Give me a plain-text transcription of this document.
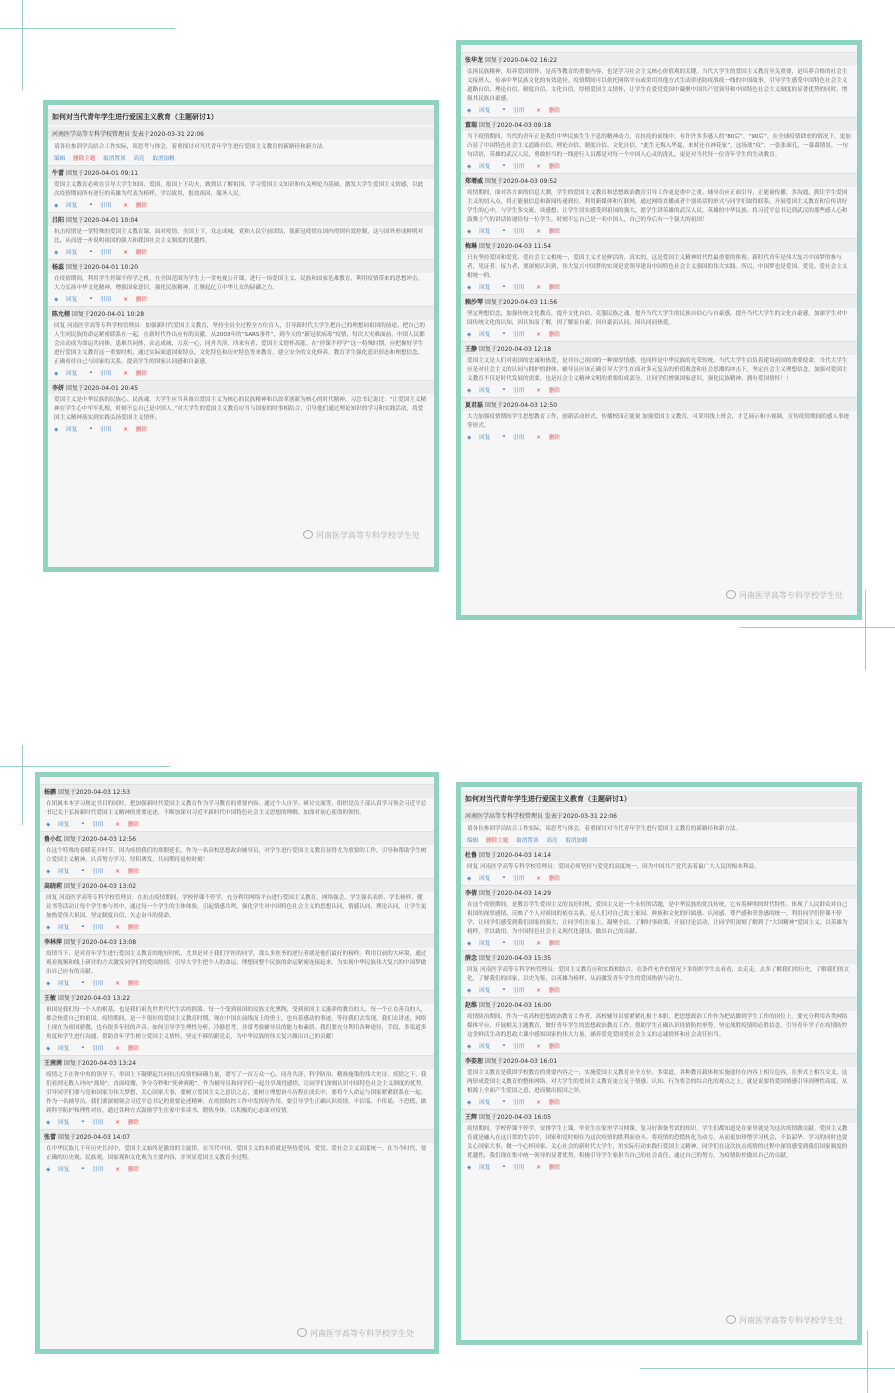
如何对当代青年学生进行爱国主义教育（主题研讨1）
河南医学高等专科学校管理员 发表于2020-03-31 22:06
请各位参训学员结合工作实际，谈思考与体会，着重探讨对当代青年学生进行爱国主义教育的新路径和新方法。
编辑 删除主题 取消置顶 高亮 取消加粗
牛蕾 回复于2020-04-01 09:11
爱国主义教育必须在引导大学生知国、爱国、报国上下功夫，做到以了解祖国、学习爱国主义知识和有关理论为基础，激发大学生爱国主义情感，以此次疫情期间所有逆行的英雄为代表为榜样，学以致用，报效祖国，服务人民。
◈ 回复 ❝ 引用 ✕ 删除
吕阳 回复于2020-04-01 10:04
抗击疫情是一堂特殊的爱国主义教育课，面对疫情，全国上下，众志成城，党和人民空前团结，使新冠疫情在国内得到有效控制，这与国外形成鲜明对比，从而进一步说明祖国的强大和我国社会主义制度的优越性。
◈ 回复 ❝ 引用 ✕ 删除
杨蕊 回复于2020-04-01 10:20
在疫情期间，利用学生停课不停学之机，在全国范围为学生上一堂电视公开课，进行一场爱国主义、民族和国家危难教育，利用疫情带来的思想冲击，大力弘扬中华文化精神，增强国家意识，强化民族精神，汇聚起亿万中华儿女的磅礴之力。
◈ 回复 ❝ 引用 ✕ 删除
陈允榕 回复于2020-04-01 10:28
回复 河南医学高等专科学校管理员：加强新时代爱国主义教育，坚持全员全过程全方位育人，引导新时代大学生把自己的理想同祖国的前途、把自己的人生同民族的命运紧密联系在一起，在新时代作出应有的贡献。从2003年的“SARS事件”，到今天的“新冠状病毒”疫情，每次大灾难面前，中国人民都会自动成为命运共同体，患难共同体，众志成城，万众一心，同舟共济，四来有者，爱国主义情怀高涨。在“停课不停学”这一特殊时期，应把握好学生进行爱国主义教育这一重要时机，通过实际面道国家特点、文化特色和历史特色等来教育，建立安全的文化修养，教育学生强化意识形态和理想信念，正确看待自己与国家的关系，提高学生的国家认同感和自豪感。
◈ 回复 ❝ 引用 ✕ 删除
李妍 回复于2020-04-01 20:45
爱国主义是中华民族的民族心、民族魂，大学生应当具备以爱国主义为核心的民族精神和以改革创新为核心的时代精神。习总书记说过：“让爱国主义精神在学生心中牢牢扎根，时刻不忘自己是中国人。”对大学生的爱国主义教育应当与国家的时事相结合，引导他们通过理论知识的学习和实践活动，将爱国主义精神落实到实践弘扬爱国主义情怀。
◈ 回复 ❝ 引用 ✕ 删除
河南医学高等专科学校学生处
张华龙 回复于2020-04-02 16:22
弘扬民族精神，培养爱国情怀，是高等教育的重要内容，也是学习社会主义核心价值观的关键。当代大学生的爱国主义教育至关重要，是培养合格的社会主义接班人、传承中华民族文化的有效途径。疫情期间可以依托网络平台或采用其他方式生动讲述防疫战疫一线的中国故事，引导学生感受中国特色社会主义道路自信、理论自信、制度自信、文化自信，厚植爱国主义情怀，让学生在爱党爱国中凝聚中国共产党领导和中国特色社会主义制度的显著优势的同时，增强其民族自豪感。
◈ 回复 ❝ 引用 ✕ 删除
董瑞 回复于2020-04-03 09:18
当下疫情期间，当代的青年正是我们中华民族生生不息的精神动力，在抗疫的前线中，有许许多多感人的“80后”、“90后”。在全球疫情肆虐的情况下，更加凸显了中国特色社会主义道路自信、理论自信、制度自信、文化自信，“此生无悔入华夏，来时还在神花家”。这场战“疫”，一张张面孔，一幕幕情景，一句句话语，英雄的武汉人民，勇敢担当的一线逆行人员都是对每一个中国人心灵的洗礼，更是对当代每一位青年学生的生动教育。
◈ 回复 ❝ 引用 ✕ 删除
郑增威 回复于2020-04-03 09:52
疫情期间，面对各方面的信息大潮，学生的爱国主义教育和思想政治教育引导工作更是重中之重。辅导员应正面引导，正能量传播，多沟通，抓住学生爱国主义的切入点，将正能量信息和新闻传递到位，利用新媒体和互联网，通过网络直播或者个别谈话的形式与同学们取得联系，开展爱国主义教育和宣传讲好学生的心中，与学生多交流，谈感想，让学生切实感受到祖国的强大，愿学生讲英雄的武汉人民，英雄的中华民族。将习近平总书记到武汉的那些感人心和鼓舞士气的讲话传递给每一位学生。时刻不忘自己是一名中国人，自己的身后有一个强大的祖国！
◈ 回复 ❝ 引用 ✕ 删除
梅琳 回复于2020-04-03 11:54
只有坚持爱国和爱党、爱社会主义相统一，爱国主义才是鲜活的、真实的，这是爱国主义精神时代性最重要的体现。新时代青年是伟大复兴中国梦的参与者、见证者、接力者，要深刻认识到，伟大复兴中国梦的实现是党领导建设中国特色社会主义强国的伟大实践。所以，中国梦也是爱国、爱党、爱社会主义相统一的。
◈ 回复 ❝ 引用 ✕ 删除
赖沙琴 回复于2020-04-03 11:56
坚定理想信念，加强传统文化教育，提升文化自信，克服民族之魂。提升当代大学生的民族自信心与自豪感，提升当代大学生的文化自豪感，加深学生对中国传统文化的认知，因认知而了解，因了解而自豪，因自豪而认同，因认同而热爱。
◈ 回复 ❝ 引用 ✕ 删除
王静 回复于2020-04-03 12:18
爱国主义是人们对祖国的忠诚和热爱，是对自己祖国的一种深厚情感，也同样是中华民族的光荣传统，当代大学生肩负着建设祖国的重要使命，当代大学生应是对社会主义的认同与拥护的群体，辅导员应该正确引导大学生在面对多元复杂的价值观念和社会思潮的冲击下，坚定社会主义理想信念，加强对爱国主义教育不仅是时代发展的需要，也是社会主义精神文明的重要组成部分。让同学们增强国家意识，强化民族精神，拥有爱国情怀！！
◈ 回复 ❝ 引用 ✕ 删除
夏君磊 回复于2020-04-03 12:50
大力加强疫情期间学生思想教育工作，创新活动形式，传播校园正能量 加强爱国主义教育，可采用线上班会，才艺展示和小视频，宣传疫情期间的感人事迹等形式。
◈ 回复 ❝ 引用 ✕ 删除
河南医学高等专科学校学生处
杨鹏 回复于2020-04-03 12:53
在团属本本学习规定书目的同时，把加强新时代爱国主义教育作为学习教育的重要内容。通过个人自学、研讨交流等，组织党员干部认真学习领会习近平总书记关于弘扬新时代爱国主义精神的重要论述，不断加深对习近平新时代中国特色社会主义思想的理解，加深对初心使命的领悟。
◈ 回复 ❝ 引用 ✕ 删除
鲁小红 回复于2020-04-03 12:56
在这个特殊的春暖花开时节，因为疫情我们的寒假延长，作为一名高校思想政治辅导员，对学生进行爱国主义教育显得尤为重要的工作，引导和帮助学生树立爱国主义精神，认真努力学习，厚积薄发，共同期待返校时刻！
◈ 回复 ❝ 引用 ✕ 删除
高晓莉 回复于2020-04-03 13:02
回复 河南医学高等专科学校管理员：在抗击疫情期间，学校停课不停学，充分利用网络平台进行爱国主义教育，网络强会、学生强名表彰、学长榜样、健议书等活动让每个学生参与其中，通过每一个学生的主体体验，引起情感共鸣，强化学生对中国特色社会主义的思想认同，情感认同、理论认同，让学生更加热爱伟大祖国，坚定制度自信，矢志奋斗的使命。
◈ 回复 ❝ 引用 ✕ 删除
李林萍 回复于2020-04-03 13:08
疫情当下，是对青年学生进行爱国主义教育的绝好时机。尤其是对于我们学医的同学，那么多医务的逆行者就是他们最好的榜样。利用目前的大环境，通过观看视频和线上研讨的方式激发同学们的爱国热情，引导大学生把个人的命运、理想同整个民族的命运紧密连接起来，为实现中华民族伟大复兴的中国梦做出自己应有的贡献。
◈ 回复 ❝ 引用 ✕ 删除
王敏 回复于2020-04-03 13:22
祖国是我们每一个人的根基，也是我们祖先世世代代生活的摇篮。每一个受到祖国的民族文化熏陶，受到祖国主义滋养的教育的人，每一个正直善良的人，都会热爱自己的祖国。疫情期间，是一个很好的爱国主义教育时期。现在中国在前线而上的勇士，也有着感动的事迹，等待我们去发现，我们去讲述，网络上现在为祖国骄傲，也有很多年轻的声音。如何引导学生理性分析，冷静思考，非常考验辅导员的能力和素质。我们要充分利用各种途径，手段，多渠道多角度和学生进行沟通，帮助青年学生树立爱国主义情怀，坚定不移的跟党走，为中华民族的伟大复兴做出自己的贡献！
◈ 回复 ❝ 引用 ✕ 删除
王茜茜 回复于2020-04-03 13:24
疫情之下在你中央的领导下，举国上下凝聚起共同抗击疫情的磅礴力量，谱写了一首万众一心、同舟共济、科学防治、精准施策的伟大史诗。疫情之下，我们看到无数人冲向“战场”，直面疫魔，争分夺秒和“死神赛跑”。作为辅导员和同学们一起分享战役感悟，让同学们深刻认识中国特色社会主义制度的优势，引导同学们要与党和国家为伟大梦想，关心国家大事，要树立爱国主义之意识之志，要树立理想奋斗历程在成长中，要将个人命运与国家紧紧联系在一起。作为一名辅导员，我们要深刻领会习近平总书记的重要论述精神，在疫情防控工作中发挥好作用。要引导学生正确认识疫情，不信谣、不传谣，不恐慌，做到科学防护和理性对待。通过各种方式鼓励学生在家中多读书，锻炼身体，以积极的心态面对疫情。
◈ 回复 ❝ 引用 ✕ 删除
张蕾 回复于2020-04-03 14:07
在中华民族几千年历史长河中，爱国主义始终是激昂的主旋律。在当代中国，爱国主义的本质就是坚持爱国、爱党、爱社会主义高度统一。在当今时代，要正确的历史观、民族观，国家观和文化观为主要内容，并突显爱国主义教育全过程。
◈ 回复 ❝ 引用 ✕ 删除
河南医学高等专科学校学生处
如何对当代青年学生进行爱国主义教育（主题研讨1）
河南医学高等专科学校管理员 发表于2020-03-31 22:06
请各位参训学员结合工作实际，谈思考与体会，着重探讨对当代青年学生进行爱国主义教育的新路径和新方法。
编辑 删除主题 取消置顶 高亮 取消加粗
杜鲁 回复于2020-04-03 14:14
回复 河南医学高等专科学校管理员：爱国必须坚持与爱党的高度统一，因为中国共产党代表着最广大人民的根本利益。
◈ 回复 ❝ 引用 ✕ 删除
李倩 回复于2020-04-03 14:29
在这个疫情期间，是教育学生爱国主义的良好时机，爱国主义是一个永恒的话题，是中华民族的优良传统，它有着鲜明的时代特性。体现了人民群众对自己祖国的深厚感情，反映了个人对祖国的依存关系。是人们对自己故土家园、种族和文化的归属感、认同感、尊严感和荣誉感的统一。利用同学们停课不停学，让同学们感受到我们国家的强大，让同学们在家上，凝聚全民、了解时事政策，开展讨论活动，让同学们深刻了解到了“大国精神”爱国主义，以英雄为榜样，学以致用，为中国特色社会主义现代化建设，做出自己的贡献。
◈ 回复 ❝ 引用 ✕ 删除
薛念 回复于2020-04-03 15:35
回复 河南医学高等专科学校管理员：爱国主义教育应和实践相结合，在条件允许的情况下多组织学生去看看，去走走，去多了解我们的历史，了解我们的文化，了解我们的国家，以史为鉴，以英雄为榜样，从而激发青年学生的爱国热情与动力。
◈ 回复 ❝ 引用 ✕ 删除
赵维 回复于2020-04-03 16:00
疫情防治期间，作为一名高校思想政治教育工作者，高校辅导员要紧紧扎根于本职，把思想政治工作作为把站脚到学生工作的岗位上。要充分利用各类网络媒体平台，开展相关主题教育，做好青年学生的思想政治教育工作，帮助学生正确认识疫情防控形势，坚定战胜疫情的必胜信念。引导青年学子在疫情防控这堂鲜活生动的思政大课中感知国家的伟大力量，涵养爱党爱国爱社会主义的志诚情怀和社会责任担当。
◈ 回复 ❝ 引用 ✕ 删除
李姿恕 回复于2020-04-03 16:01
爱国主义教育是我国学校教育的重要内容之一，实施爱国主义教育应全方位、多渠道，各种教育载体和实施途径在内容上相互包容，在形式上相互交叉，这两形成爱国主义教育的整体网络。对大学生的爱国主义教育更立足于情感、认知、行为将会的综合化的观点之上，就是说要将爱国情感引导到理性高度，从根源上全面产生爱国之意，进而做出报国之举。
◈ 回复 ❝ 引用 ✕ 删除
王辉 回复于2020-04-03 16:05
疫情期间，学校停课不停学，安排学生上课。毕业生在家里学习网课，复习好准备考试的知识，学生们都知道是在家里就是为这次疫情做贡献。爱国主义教育就是融入在这日常的生活中，国家和党时刻在为这次疫情的胜利而奋斗，将疫情的恐慌转化为动力，从而更加珍惜学习机会，不负韶华。学习的同时也要关心国家大事，做一个心怀国家、关心社会的新时代大学生，用实际行动来践行爱国主义精神。同学们在这次抗击疫情的过程中深切感受到我们国家制度的优越性，我们现在集中统一领导的显著优势，积极引导学生家担当自己的社会责任，通过自己的努力，为疫情防控做出自己的贡献。
◈ 回复 ❝ 引用 ✕ 删除
河南医学高等专科学校学生处
